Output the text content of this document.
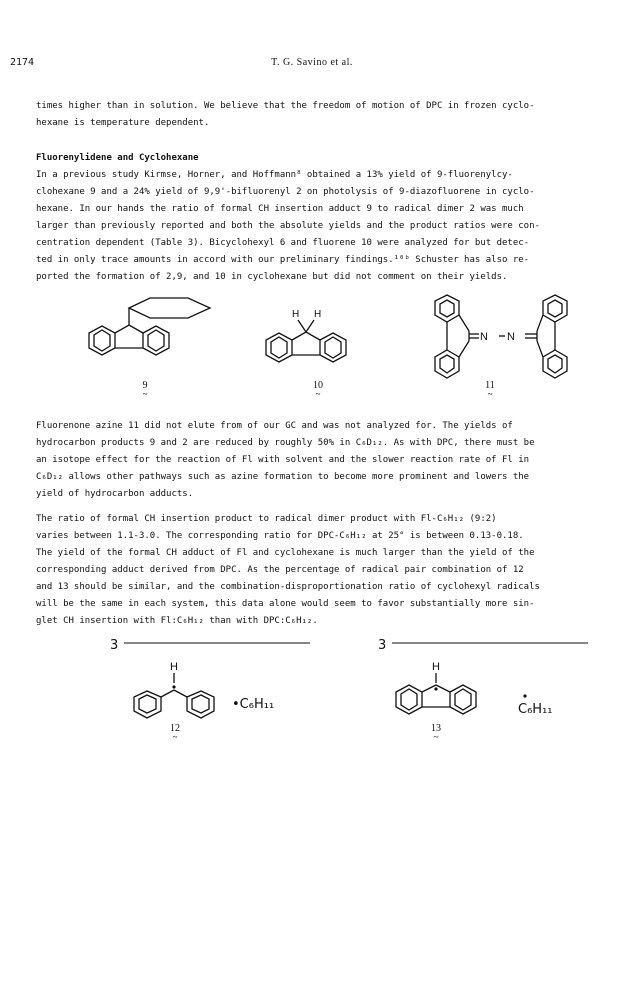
2174	T. G. Savino et al.
times higher than in solution. We believe that the freedom of motion of DPC in frozen cyclo-
hexane is temperature dependent.
Fluorenylidene and Cyclohexane
In a previous study Kirmse, Horner, and Hoffmann⁸ obtained a 13% yield of 9-fluorenylcy-
clohexane 9 and a 24% yield of 9,9'-bifluorenyl 2 on photolysis of 9-diazofluorene in cyclo-
hexane. In our hands the ratio of formal CH insertion adduct 9 to radical dimer 2 was much
larger than previously reported and both the absolute yields and the product ratios were con-
centration dependent (Table 3). Bicyclohexyl 6 and fluorene 10 were analyzed for but detec-
ted in only trace amounts in accord with our preliminary findings.¹⁰ᵇ Schuster has also re-
ported the formation of 2,9, and 10 in cyclohexane but did not comment on their yields.
9
~
H H
10
~
N N
11
~
Fluorenone azine 11 did not elute from of our GC and was not analyzed for. The yields of
hydrocarbon products 9 and 2 are reduced by roughly 50% in C₆D₁₂. As with DPC, there must be
an isotope effect for the reaction of Fl with solvent and the slower reaction rate of Fl in
C₆D₁₂ allows other pathways such as azine formation to become more prominent and lowers the
yield of hydrocarbon adducts.
The ratio of formal CH insertion product to radical dimer product with Fl-C₆H₁₂ (9:2)
varies between 1.1-3.0. The corresponding ratio for DPC-C₆H₁₂ at 25° is between 0.13-0.18.
The yield of the formal CH adduct of Fl and cyclohexane is much larger than the yield of the
corresponding adduct derived from DPC. As the percentage of radical pair combination of 12
and 13 should be similar, and the combination-disproportionation ratio of cyclohexyl radicals
will be the same in each system, this data alone would seem to favor substantially more sin-
glet CH insertion with Fl:C₆H₁₂ than with DPC:C₆H₁₂.
3
H
•C₆H₁₁
12
~
3
H
C₆H₁₁
13
~
